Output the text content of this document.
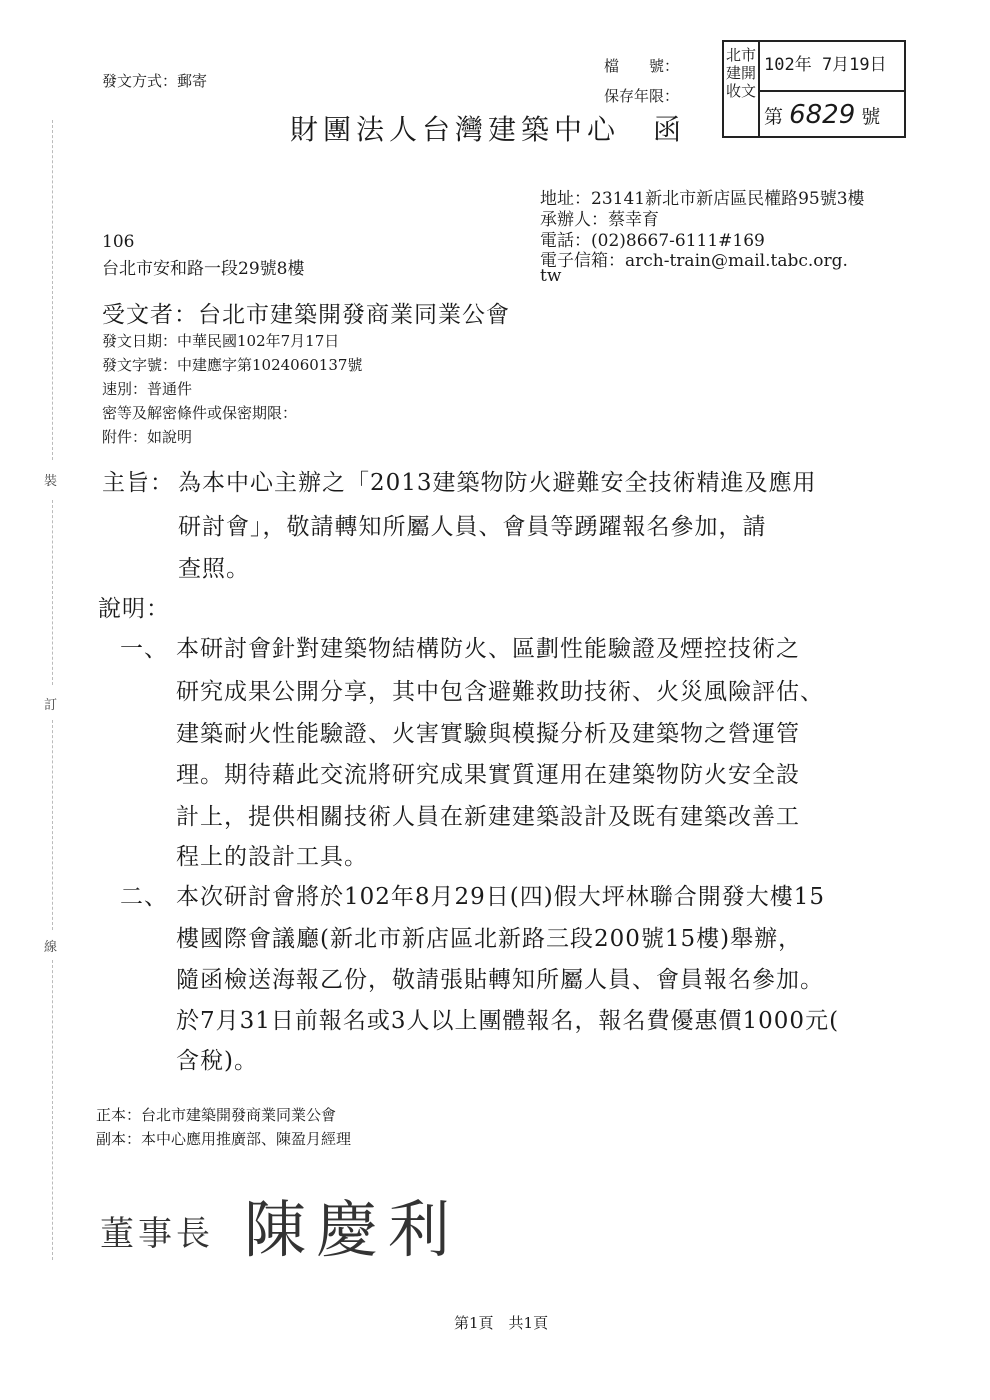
發文方式：郵寄
檔　　號：
保存年限：
財團法人台灣建築中心　函
北市
建開
收文
102年 7月19日
第 6829 號
地址：23141新北市新店區民權路95號3樓
承辦人：蔡幸育
電話：(02)8667-6111#169
電子信箱：arch-train@mail.tabc.org.
tw
106
台北市安和路一段29號8樓
受文者：台北市建築開發商業同業公會
發文日期：中華民國102年7月17日
發文字號：中建應字第1024060137號
速別：普通件
密等及解密條件或保密期限：
附件：如說明
裝
訂
線
主旨： 為本中心主辦之「2013建築物防火避難安全技術精進及應用
研討會」，敬請轉知所屬人員、會員等踴躍報名參加，請
查照。
說明：
一、 本研討會針對建築物結構防火、區劃性能驗證及煙控技術之
研究成果公開分享，其中包含避難救助技術、火災風險評估、
建築耐火性能驗證、火害實驗與模擬分析及建築物之營運管
理。期待藉此交流將研究成果實質運用在建築物防火安全設
計上，提供相關技術人員在新建建築設計及既有建築改善工
程上的設計工具。
二、 本次研討會將於102年8月29日(四)假大坪林聯合開發大樓15
樓國際會議廳(新北市新店區北新路三段200號15樓)舉辦，
隨函檢送海報乙份，敬請張貼轉知所屬人員、會員報名參加。
於7月31日前報名或3人以上團體報名，報名費優惠價1000元(
含稅)。
正本：台北市建築開發商業同業公會
副本：本中心應用推廣部、陳盈月經理
董事長 陳慶利
第1頁　共1頁
